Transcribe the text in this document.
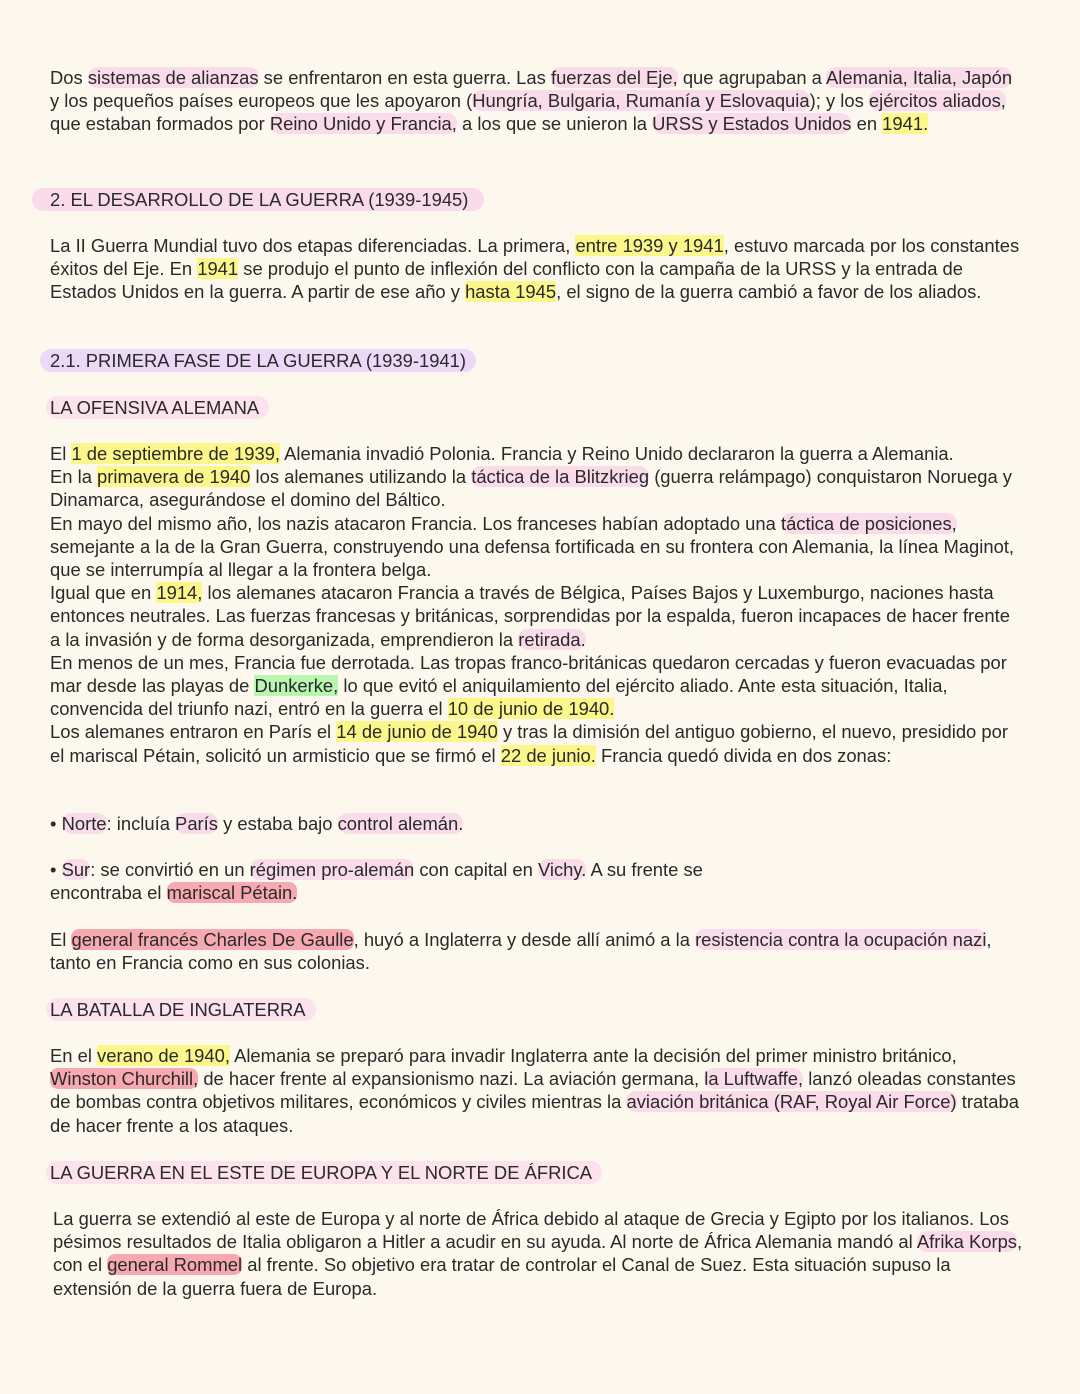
Dos sistemas de alianzas se enfrentaron en esta guerra. Las fuerzas del Eje, que agrupaban a Alemania, Italia, Japón y los pequeños países europeos que les apoyaron (Hungría, Bulgaria, Rumanía y Eslovaquia); y los ejércitos aliados, que estaban formados por Reino Unido y Francia, a los que se unieron la URSS y Estados Unidos en 1941.

2. EL DESARROLLO DE LA GUERRA (1939-1945)

La II Guerra Mundial tuvo dos etapas diferenciadas. La primera, entre 1939 y 1941, estuvo marcada por los constantes éxitos del Eje. En 1941 se produjo el punto de inflexión del conflicto con la campaña de la URSS y la entrada de Estados Unidos en la guerra. A partir de ese año y hasta 1945, el signo de la guerra cambió a favor de los aliados.

2.1. PRIMERA FASE DE LA GUERRA (1939-1941)

LA OFENSIVA ALEMANA

El 1 de septiembre de 1939, Alemania invadió Polonia. Francia y Reino Unido declararon la guerra a Alemania.
En la primavera de 1940 los alemanes utilizando la táctica de la Blitzkrieg (guerra relámpago) conquistaron Noruega y Dinamarca, asegurándose el domino del Báltico.
En mayo del mismo año, los nazis atacaron Francia. Los franceses habían adoptado una táctica de posiciones, semejante a la de la Gran Guerra, construyendo una defensa fortificada en su frontera con Alemania, la línea Maginot, que se interrumpía al llegar a la frontera belga.
Igual que en 1914, los alemanes atacaron Francia a través de Bélgica, Países Bajos y Luxemburgo, naciones hasta entonces neutrales. Las fuerzas francesas y británicas, sorprendidas por la espalda, fueron incapaces de hacer frente a la invasión y de forma desorganizada, emprendieron la retirada.
En menos de un mes, Francia fue derrotada. Las tropas franco-británicas quedaron cercadas y fueron evacuadas por mar desde las playas de Dunkerke, lo que evitó el aniquilamiento del ejército aliado. Ante esta situación, Italia, convencida del triunfo nazi, entró en la guerra el 10 de junio de 1940.
Los alemanes entraron en París el 14 de junio de 1940 y tras la dimisión del antiguo gobierno, el nuevo, presidido por el mariscal Pétain, solicitó un armisticio que se firmó el 22 de junio. Francia quedó divida en dos zonas:

• Norte: incluía París y estaba bajo control alemán.

• Sur: se convirtió en un régimen pro-alemán con capital en Vichy. A su frente se encontraba el mariscal Pétain.

El general francés Charles De Gaulle, huyó a Inglaterra y desde allí animó a la resistencia contra la ocupación nazi, tanto en Francia como en sus colonias.

LA BATALLA DE INGLATERRA

En el verano de 1940, Alemania se preparó para invadir Inglaterra ante la decisión del primer ministro británico, Winston Churchill, de hacer frente al expansionismo nazi. La aviación germana, la Luftwaffe, lanzó oleadas constantes de bombas contra objetivos militares, económicos y civiles mientras la aviación británica (RAF, Royal Air Force) trataba de hacer frente a los ataques.

LA GUERRA EN EL ESTE DE EUROPA Y EL NORTE DE ÁFRICA

La guerra se extendió al este de Europa y al norte de África debido al ataque de Grecia y Egipto por los italianos. Los pésimos resultados de Italia obligaron a Hitler a acudir en su ayuda. Al norte de África Alemania mandó al Afrika Korps, con el general Rommel al frente. So objetivo era tratar de controlar el Canal de Suez. Esta situación supuso la extensión de la guerra fuera de Europa.
